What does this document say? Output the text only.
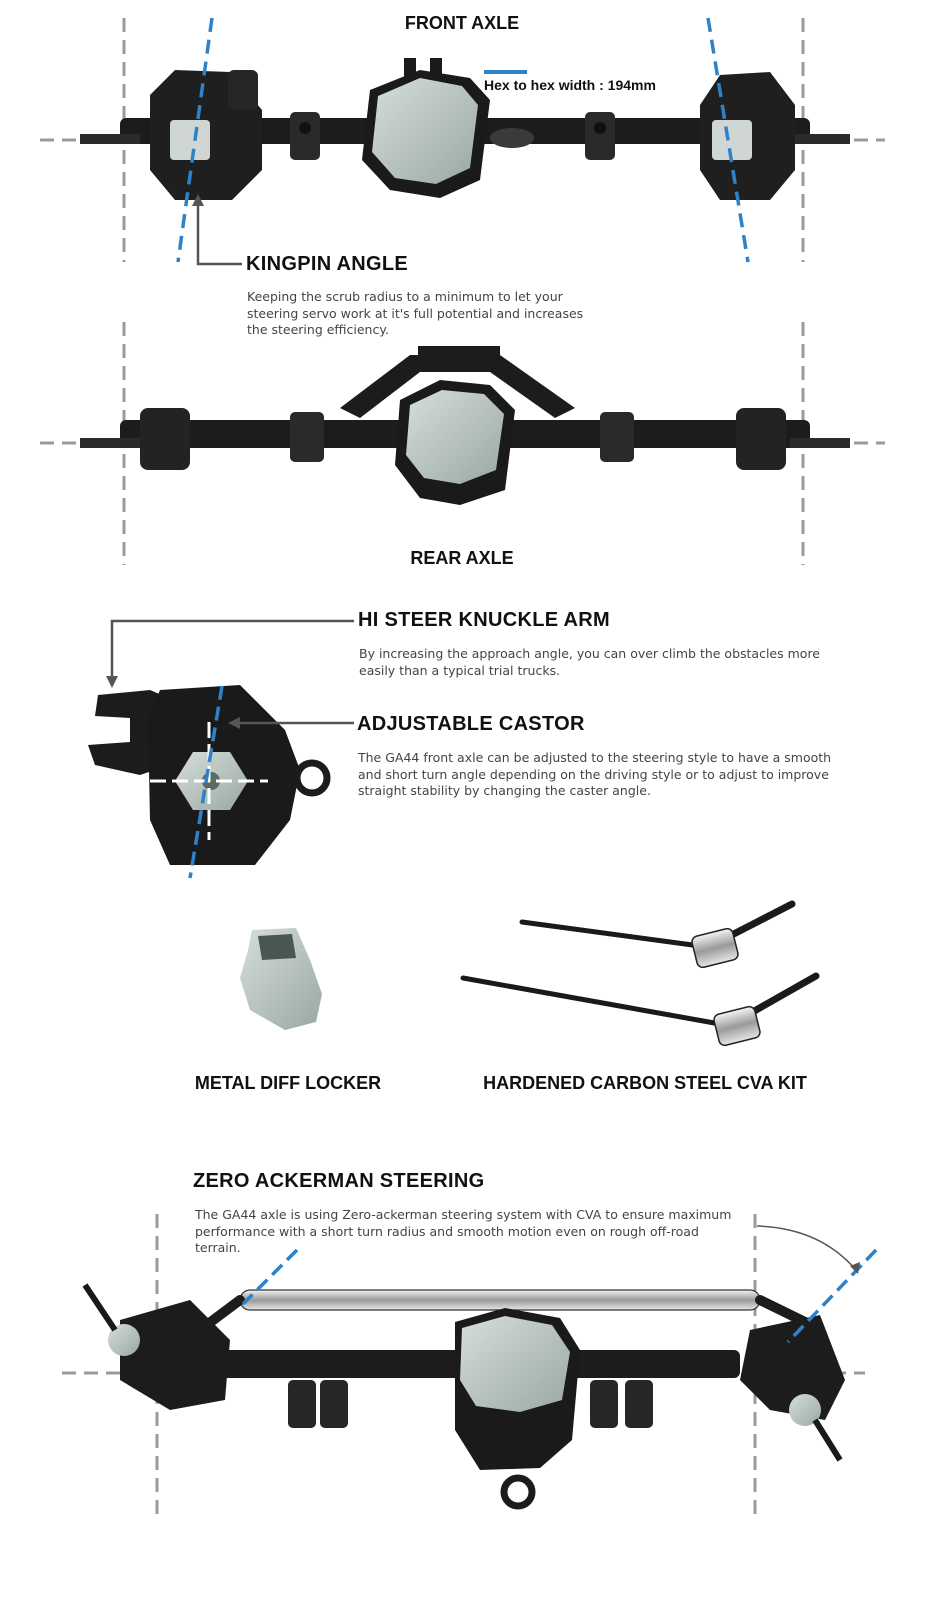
FRONT AXLE
Hex to hex width : 194mm
KINGPIN ANGLE

Keeping the scrub radius to a minimum to let your steering servo work at it's full potential and increases the steering efficiency.

REAR AXLE
HI STEER KNUCKLE ARM

By increasing the approach angle, you can over climb the obstacles more easily than a typical trial trucks.

ADJUSTABLE CASTOR

The GA44 front axle can be adjusted to the steering style to have a smooth and short turn angle depending on the driving style or to adjust to improve straight stability by changing the caster angle.

METAL DIFF LOCKER	HARDENED CARBON STEEL CVA KIT
ZERO ACKERMAN STEERING

The GA44 axle is using Zero-ackerman steering system with CVA to ensure maximum performance with a short turn radius and smooth motion even on rough off-road terrain.
